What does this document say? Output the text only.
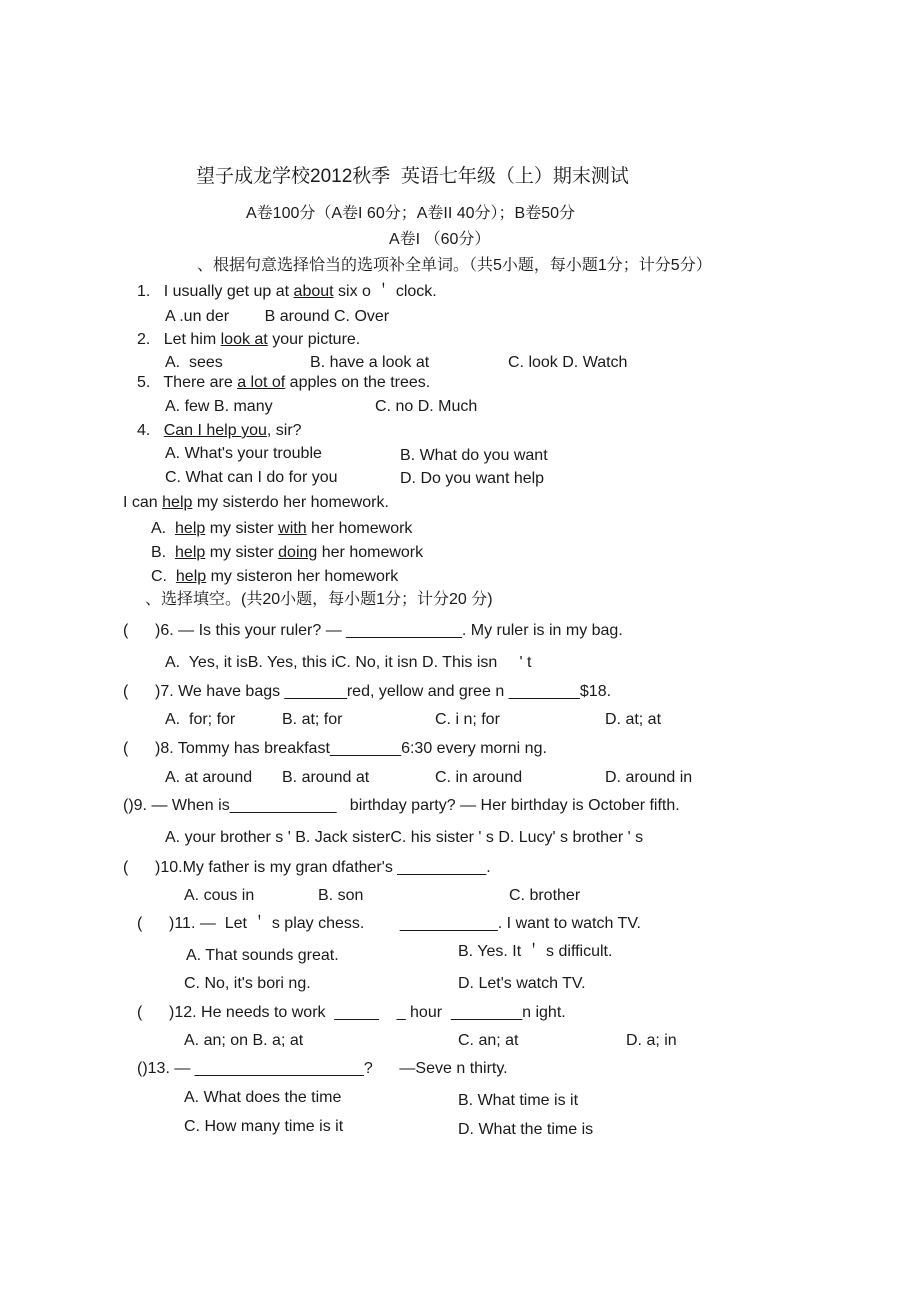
望子成龙学校2012秋季  英语七年级（上）期末测试
A卷100分（A卷I 60分；A卷II 40分）；B卷50分
A卷I （60分）
、根据句意选择恰当的选项补全单词。（共5小题，每小题1分；计分5分）
1. I usually get up at about six o ＇ clock.
A .un der        B around C. Over
2. Let him look at your picture.
A.  sees	B. have a look at	C. look D. Watch
5. There are a lot of apples on the trees.
A. few B. many	C. no D. Much
4. Can I help you, sir?
A. What's your trouble	B. What do you want
C. What can I do for you	D. Do you want help
I can help my sisterdo her homework.
A.  help my sister with her homework
B.  help my sister doing her homework
C.  help my sisteron her homework
、选择填空。(共20小题，每小题1分；计分20 分)
(      )6. — Is this your ruler? — _____________. My ruler is in my bag.
A.  Yes, it isB. Yes, this iC. No, it isn D. This isn     ' t
(      )7. We have bags _______red, yellow and gree n ________$18.
A.  for; for	B. at; for	C. i n; for	D. at; at
(      )8. Tommy has breakfast________6:30 every morni ng.
A. at around B. around at	C. in around	D. around in
()9. — When is____________   birthday party? — Her birthday is October fifth.
A. your brother s ' B. Jack sisterC. his sister ' s D. Lucy' s brother ' s
(      )10.My father is my gran dfather's __________.
A. cous in	B. son	C. brother
(      )11. —  Let ＇ s play chess.        ___________. I want to watch TV.
A. That sounds great.	B. Yes. It ＇ s difficult.
C. No, it's bori ng.	D. Let's watch TV.
(      )12. He needs to work  _____    _ hour  ________n ight.
A. an; on B. a; at	C. an; at	D. a; in
()13. — ___________________?      —Seve n thirty.
A. What does the time	B. What time is it
C. How many time is it	D. What the time is
